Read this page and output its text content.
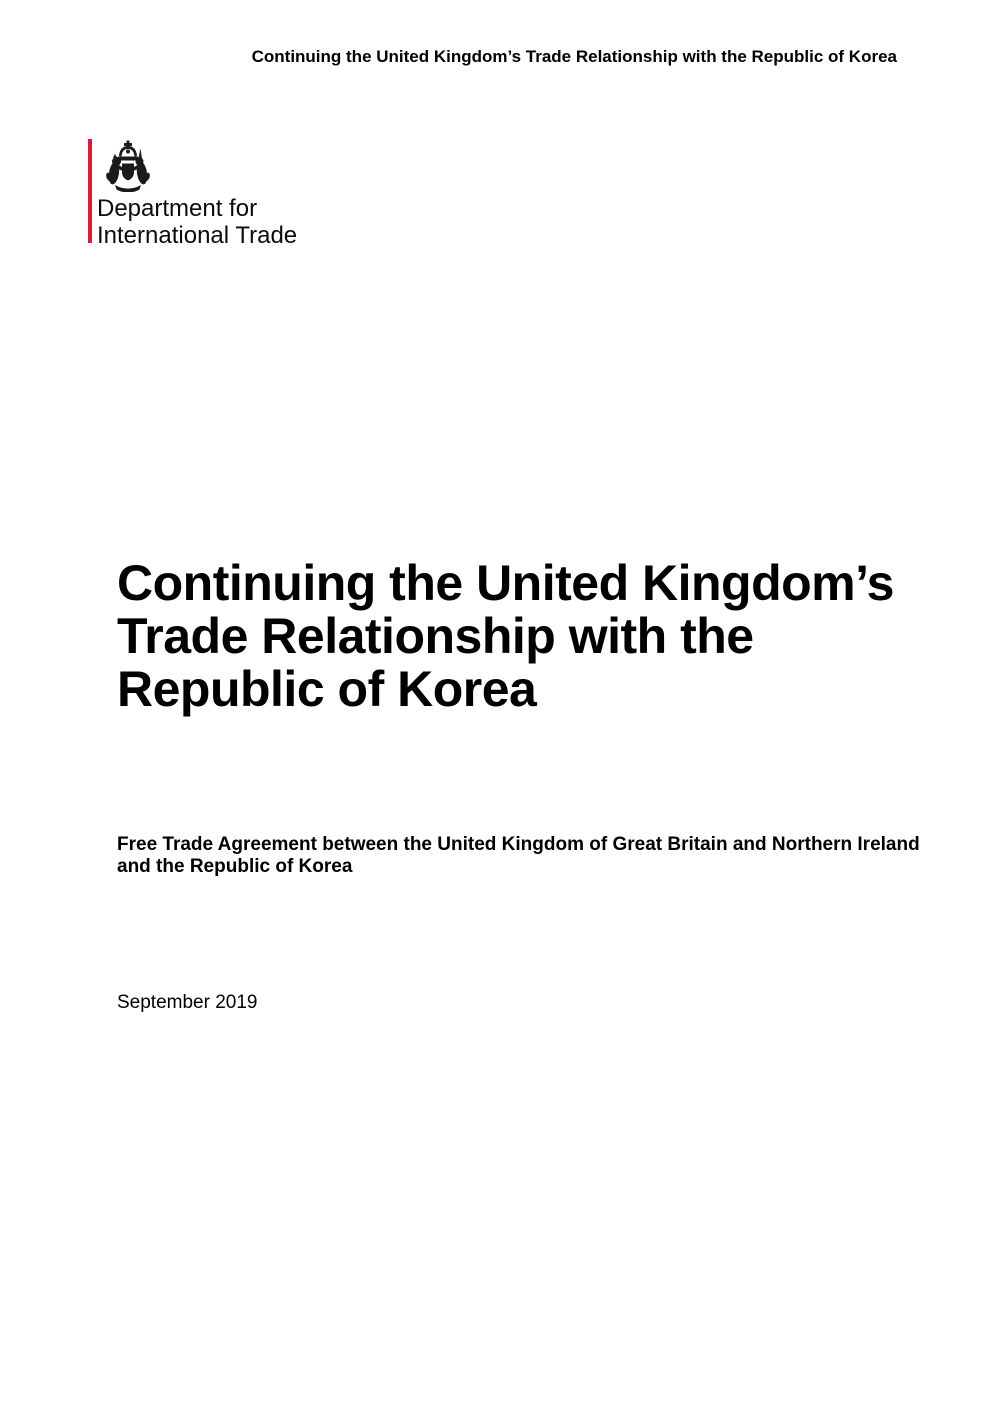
Continuing the United Kingdom’s Trade Relationship with the Republic of Korea
Department for
International Trade
Continuing the United Kingdom’s
Trade Relationship with the
Republic of Korea
Free Trade Agreement between the United Kingdom of Great Britain and Northern Ireland
and the Republic of Korea
September 2019
